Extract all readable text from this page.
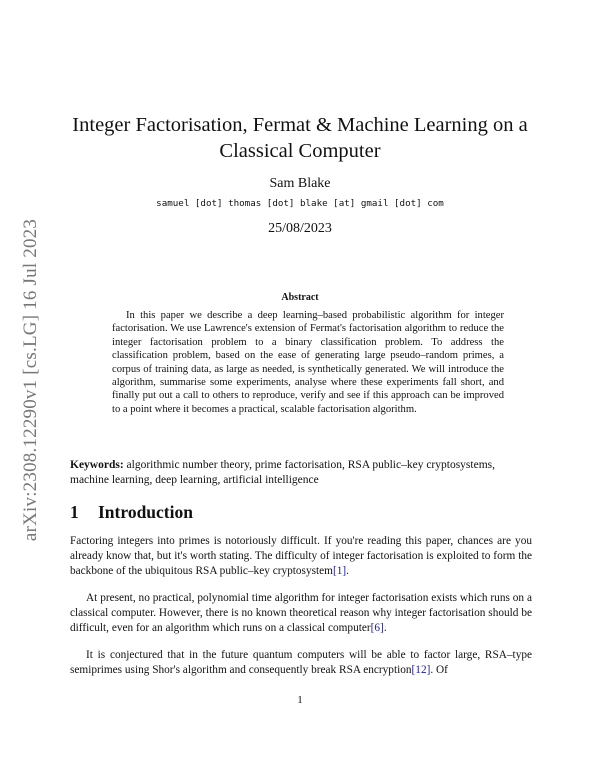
arXiv:2308.12290v1 [cs.LG] 16 Jul 2023
Integer Factorisation, Fermat & Machine Learning on a Classical Computer
Sam Blake
samuel [dot] thomas [dot] blake [at] gmail [dot] com
25/08/2023
Abstract
In this paper we describe a deep learning–based probabilistic algorithm for integer factorisation. We use Lawrence's extension of Fermat's factorisation algorithm to reduce the integer factorisation problem to a binary classification problem. To address the classification problem, based on the ease of generating large pseudo–random primes, a corpus of training data, as large as needed, is synthetically generated. We will introduce the algorithm, summarise some experiments, analyse where these experiments fall short, and finally put out a call to others to reproduce, verify and see if this approach can be improved to a point where it becomes a practical, scalable factorisation algorithm.
Keywords: algorithmic number theory, prime factorisation, RSA public–key cryptosystems, machine learning, deep learning, artificial intelligence
1 Introduction
Factoring integers into primes is notoriously difficult. If you're reading this paper, chances are you already know that, but it's worth stating. The difficulty of integer factorisation is exploited to form the backbone of the ubiquitous RSA public–key cryptosystem[1].
At present, no practical, polynomial time algorithm for integer factorisation exists which runs on a classical computer. However, there is no known theoretical reason why integer factorisation should be difficult, even for an algorithm which runs on a classical computer[6].
It is conjectured that in the future quantum computers will be able to factor large, RSA–type semiprimes using Shor's algorithm and consequently break RSA encryption[12]. Of
1
